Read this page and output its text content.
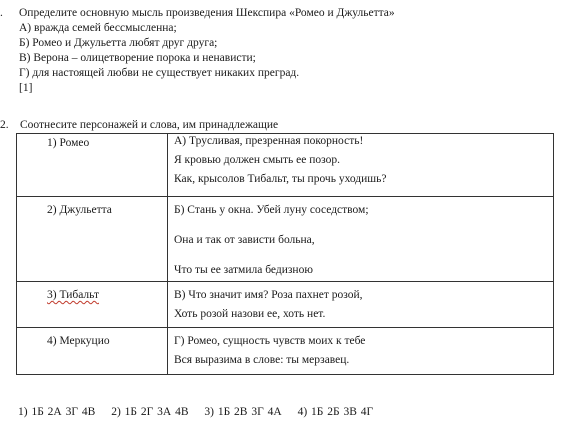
. Определите основную мысль произведения Шекспира «Ромео и Джульетта»
А) вражда семей бессмысленна;
Б) Ромео и Джульетта любят друг друга;
В) Верона – олицетворение порока и ненависти;
Г) для настоящей любви не существует никаких преград.
[1]
2. Соотнесите персонажей и слова, им принадлежащие
1) Ромео	А) Трусливая, презренная покорность!
Я кровью должен смыть ее позор.
Как, крысолов Тибальт, ты прочь уходишь?

2) Джульетта	Б) Стань у окна. Убей луну соседством;
Она и так от зависти больна,
Что ты ее затмила бедизною

3) Тибальт	В) Что значит имя? Роза пахнет розой,
Хоть розой назови ее, хоть нет.

4) Меркуцио	Г) Ромео, сущность чувств моих к тебе
Вся выразима в слове: ты мерзавец.
1) 1Б 2А 3Г 4В 2) 1Б 2Г 3А 4В 3) 1Б 2В 3Г 4А 4) 1Б 2Б 3В 4Г
